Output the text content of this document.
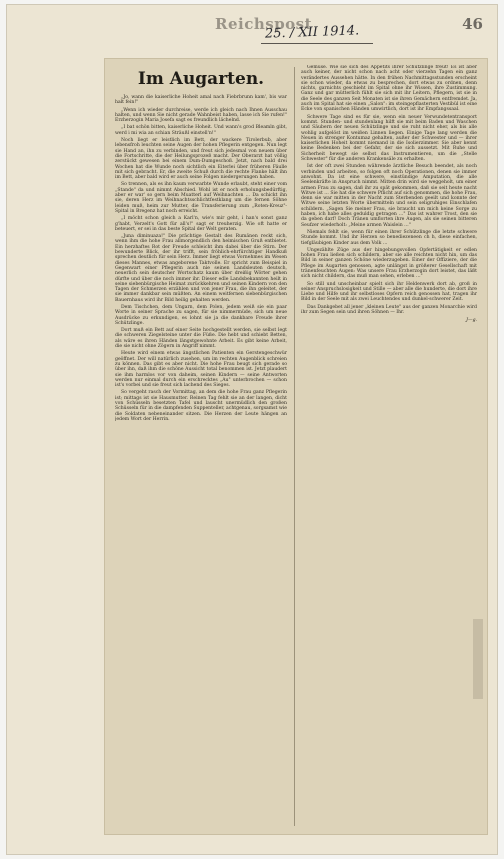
Reichspost	46
25. / XII 1914.
Im Augarten.

„Jo, wann die kaiserliche Hoheit amal nach Fiebrbrunn kam', bis war halt fein!"

„Wenn ich wieder durchreise, werde ich gleich nach Ihnen Ausschau halten, und wenn Sie nicht gerade Wahnbeist haben, lasse ich Sie rufen!" Erzherzogin Maria Josefa sagt es freundlich lächelnd.

„I bat schön bitten, kaiserliche Hoheit. Und wann's grod Bleamln gibt, werd i mi wia an schian Sträußl einstell'n!"

Noch liegt er leistlich im Bett, der wackere Tirolerbub, aber lebensfroh leuchten seine Augen der hohen Pflegerin entgegen. Nun legt sie Hand an, ihn zu verbinden, und freut sich jedesmal von neuem über die Fortschritte, die der Heilungsprozeß macht. Der Oberarzt hat völlig zerstückt gewesen bei einem Dum-Dumgeschoß. Jetzt, nach bald drei Wochen hat die Wunde noch sichtlich ein Eiterlei über früheren Fäulle mit sich gebracht. Er, die zweite Schuß durch die rechte Flanke hält ihn im Bett, aber bald wird er auch seine Folgen niedergerungen haben.

So trennen, als es ihn kaum verwarbte Wunde erlaubt, steht einer vom „Stande" da und nimmt Abschied. Wohl ist er noch erholungsbedürftig, aber er war' so gern beim Muatterl auf Weihnachten … Da schickt ihn sie, deren Herz im Weihnachtsschlichtfestklang um die fernen Söhne leiden muß, heim zur Mutter, die Transferierung zum „Roten-Kreuz"-Spital in Bregenz hat noch erreicht.

„I möcht schon gleich a Karl'n, wie's mir geht, i han's sonst ganz g'habt, Verzelt's Gott für all's!" sagt er treuherzig. Wie oft hatte er beteuert, er sei in das beste Spital der Welt geraten.

„Juna diminuaza!" Die prächtige Gestalt des Rumänen reckt sich, wenn ihm die hohe Frau allmorgendlich den heimischen Gruß entbietet. Ein herzhaftes Rot der Freude schleicht ihm dabei über die Stirn. Der bewunderte Blick, der ihr trifft, sein fröhlich-ehrfürchtiger Handkuß sprechen deutlich für sein Herz. Immer liegt etwas Vornehmes im Wesen dieses Mannes, etwas angeborene Taktvolle. Er spricht zum Beispiel in Gegenwart einer Pflegerin auch nie seinen Landsleuten deutsch, neuerlich sein deutscher Wortschatz kaum über dreißig Wörter gehen dürfte und über die noch immer ihr. Dieser edle Landsbekannten heilt in seine siebenbürgische Heimat zurückkehren und seinen Kindern von den Tagen der Schmerzen erzählen und von jener Frau, die ihn geleitet, der sie immer dankbar sein müßten. An einem weitfernen siebenbürgischen Bauernhaus wird ihr Bild heilig gehalten werden.

Dem Tischchen, dem Ungarn, dem Polen, jedem weiß sie ein paar Worte in seiner Sprache zu sagen, für sie nimmermüde, sich um neue Ausdrücke zu erkundigen, es lohnt sie ja die dankbare Freude ihrer Schützlinge.

Dort muß ein Bett auf einer Seite hochgestellt werden, sie selbst legt die schweren Ziegelsteine unter die Füße. Die hebt und schiebt Betten, als wäre es ihren Händen längstgewohnte Arbeit. Es gibt keine Arbeit, die sie nicht ohne Zögern in Angriff nimmt.

Heute wird einem etwas ängstlichen Patienten ein Gerstengeschwür geöffnet. Der will natürlich zusehen, um im rechten Augenblick schreien zu können. Das gibt es aber nicht. Die hohe Frau beugt sich gerade so über ihn, daß ihm die schöne Aussicht total benommen ist. Jetzt plaudert sie ihm harmlos vor von daheim, seinen Kindern — seine Antworten werden nur einmal durch ein erschrecktes „Au" unterbrochen — schon ist's vorbei und sie freut sich lachend des Sieges.

So vergeht rasch der Vormittag, an dem die hohe Frau ganz Pflegerin ist; mittags ist sie Hausmutter. Reinen Tag fehlt sie an der langen, dicht von Schüsseln besetzten Tafel und lauscht unermüdlich den großen Schüsseln für in die dampfenden Suppenteller, achtgenau, sorgsamst wie die Soldaten nebeneinander sitzen. Die Herzen der Leute hängen an jedem Wort der Herrin.

Gemüse. Wie sie sich des Appetits ihrer Schützlinge freut! Es ist aber auch keiner, der nicht schon nach acht oder vierzehn Tagen ein ganz verändertes Aussehen hätte. In den frühen Nachmittagsstunden erscheint sie schon wieder, da etwas zu besprechen, dort etwas zu ordnen, denn nichts, garnichts geschieht im Spital ohne ihr Wissen, ihre Zustimmung. Ganz und gar mütterlich fühlt sie sich mit ihr Leitern, Pflegern, ist sie in die Seele des ganzen Seit Monaten ist sie ihren Gemächern entfremdet. Ja, auch im Spital hat sie einen „Salon": im steingepflasterten Vestibül ist eine Ecke von spanischen Händen umwirtlich, dort ist ihr Empfangssaal.

Schwere Tage sind es für sie, wenn ein neuer Verwundetentransport kommt. Stunden- und stundenlang hilft sie mit beim Baden und Waschen und Säubern der neuen Schützlinge und sie ruht nicht eher, als bis alle wohlig aufgelöst im weißen Linnen liegen. Einige Tage lang werden die Neuen in strenger Kontumaz gehalten, außer der Schwester und — ihrer kaiserlichen Hoheit kommt niemand in die Isolierzimmer. Sie aber kennt keine Bedenken bei der Gefahr, der sie sich aussetzt. Mit Ruhe und Sicherheit bewegt sie selbst das Instrumentieren, um die „Stelle Schwester" für die anderen Krankensäle zu erhalten.

Ist der oft zwei Stunden währende ärztliche Besuch beendet, als noch verbinden und arbeiten, so folgen oft noch Operationen, denen sie immer anwohnt. Da ist eine schwere, einstündige Amputation, die alle Seelenkräfte in Anspruch nimmt. Mitten drin wird sie weggeholt, um einer armen Frau zu sagen, daß ihr zu spät gekommen, daß sie seit heute nacht Witwe ist … Sie hat die schwere Pflicht auf sich genommen, die hohe Frau, denn sie war mitten in der Nacht zum Sterbenden geeilt und konnte der Witwe seine letzten Worte übermitteln und sein seligruhiges Einschlafen schildern. „Sagen Sie meiner Frau, sie braucht um mich keine Sorge zu haben, ich habe alles geduldig getragen …" Das ist wahrer Trost, den sie da geben darf! Doch Tränen umflorten ihre Augen, als sie seinen bitteren Seufzer wiederholt: „Meine armen Waislein …"

Niemals fehlt sie, wenn für einen ihrer Schützlinge die letzte schwere Stunde kommt. Und ihr Herzen so benediezeneen ch h, diese einfachen, tiefgläubigen Kinder aus dem Volk …

Ungezählte Züge aus der hingebungsvollen Opfertätigkeit er edlen hohen Frau ließen sich schildern, aber sie alle reichten nicht hin, um das Bild in seiner ganzen Schöne wiederzugeben. Einer der Offiziere, der die Pflege im Augarten genossen, agte unlängst in größerer Gesellschaft mit tränenfeuchten Augen: Was unsere Frau Erzherzogin dort leistet, das läßt sich nicht childern, das muß man sehen, erleben …"

So still und unscheinbar spielt sich ihr Heldenwerk dort ab, groß in seiner Anspruchslosigkeit und Stille — aber alle die hunderte, die dort ihre Liebe und Hilfe und ihr selbstloses Opfern reich genossen hat, tragen ihr Bild in der Seele mit als zwei Leuchtendes und dunkel-schwerer Zeit.

Das Dankgebet all jener „kleinen Leute" aus der ganzen Monarchie wird ihr zum Segen sein und ihren Söhnen — Ihr.

J—g.
